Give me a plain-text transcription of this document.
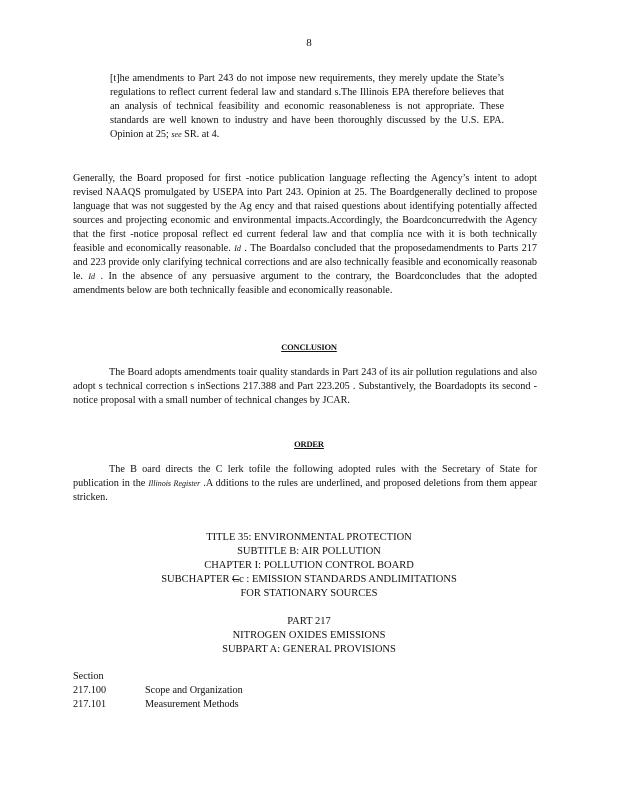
8
[t]he amendments to Part 243 do not impose new requirements, they merely update the State’s regulations to reflect current federal law and standard s.The Illinois EPA therefore believes that an analysis of technical feasibility and economic reasonableness is not appropriate. These standards are well known to industry and have been thoroughly discussed by the U.S. EPA. Opinion at 25; see SR. at 4.
Generally, the Board proposed for first -notice publication language reflecting the Agency’s intent to adopt revised NAAQS promulgated by USEPA into Part 243. Opinion at 25. The Boardgenerally declined to propose language that was not suggested by the Ag ency and that raised questions about identifying potentially affected sources and projecting economic and environmental impacts.Accordingly, the Boardconcurredwith the Agency that the first -notice proposal reflect ed current federal law and that complia nce with it is both technically feasible and economically reasonable. Id . The Boardalso concluded that the proposedamendments to Parts 217 and 223 provide only clarifying technical corrections and are also technically feasible and economically reasonab le. Id . In the absence of any persuasive argument to the contrary, the Boardconcludes that the adopted amendments below are both technically feasible and economically reasonable.
CONCLUSION
The Board adopts amendments toair quality standards in Part 243 of its air pollution regulations and also adopt s technical correction s inSections 217.388 and Part 223.205 . Substantively, the Boardadopts its second -notice proposal with a small number of technical changes by JCAR.
ORDER
The B oard directs the C lerk tofile the following adopted rules with the Secretary of State for publication in the Illinois Register .A dditions to the rules are underlined, and proposed deletions from them appear stricken.
TITLE 35: ENVIRONMENTAL PROTECTION
SUBTITLE B: AIR POLLUTION
CHAPTER I: POLLUTION CONTROL BOARD
SUBCHAPTER Cc : EMISSION STANDARDS ANDLIMITATIONS
FOR STATIONARY SOURCES
PART 217
NITROGEN OXIDES EMISSIONS
SUBPART A: GENERAL PROVISIONS
Section
217.100	Scope and Organization
217.101	Measurement Methods
